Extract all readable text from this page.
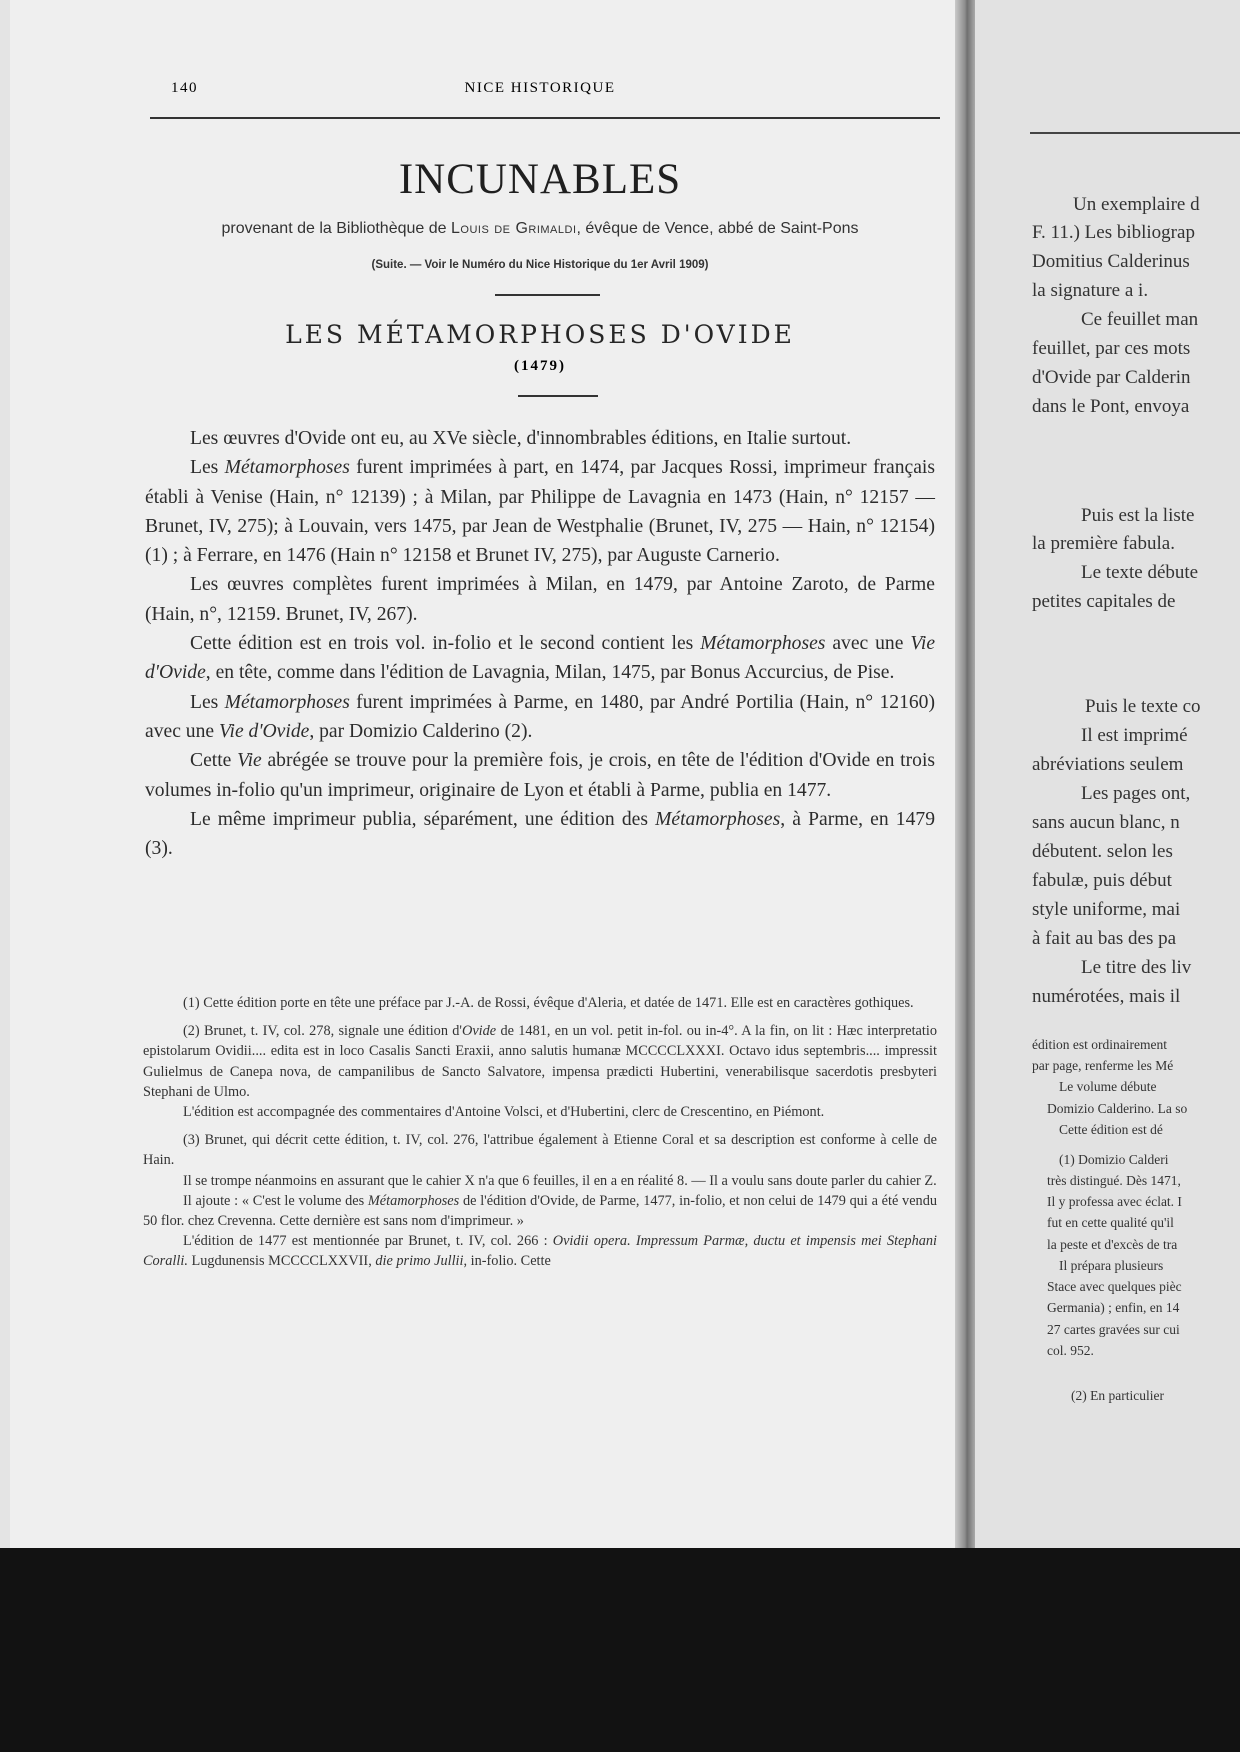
Un exemplaire d
F. 11.) Les bibliograp
Domitius Calderinus
la signature a i.
Ce feuillet man
feuillet, par ces mots
d'Ovide par Calderin
dans le Pont, envoya
Puis est la liste
la première fabula.
Le texte débute
petites capitales de
Puis le texte co
Il est imprimé
abréviations seulem
Les pages ont,
sans aucun blanc, n
débutent. selon les
fabulæ, puis début
style uniforme, mai
à fait au bas des pa
Le titre des liv
numérotées, mais il
édition est ordinairement
par page, renferme les Mé
Le volume débute
Domizio Calderino. La so
Cette édition est dé
(1) Domizio Calderi
très distingué. Dès 1471,
Il y professa avec éclat. I
fut en cette qualité qu'il
la peste et d'excès de tra
Il prépara plusieurs
Stace avec quelques pièc
Germania) ; enfin, en 14
27 cartes gravées sur cui
col. 952.
(2) En particulier
140	NICE HISTORIQUE
INCUNABLES
provenant de la Bibliothèque de Louis de Grimaldi, évêque de Vence, abbé de Saint-Pons
(Suite. — Voir le Numéro du Nice Historique du 1er Avril 1909)
LES MÉTAMORPHOSES D'OVIDE
(1479)

Les œuvres d'Ovide ont eu, au XVe siècle, d'innombrables éditions, en Italie surtout.

Les Métamorphoses furent imprimées à part, en 1474, par Jacques Rossi, imprimeur français établi à Venise (Hain, n° 12139) ; à Milan, par Philippe de Lavagnia en 1473 (Hain, n° 12157 — Brunet, IV, 275); à Louvain, vers 1475, par Jean de Westphalie (Brunet, IV, 275 — Hain, n° 12154) (1) ; à Ferrare, en 1476 (Hain n° 12158 et Brunet IV, 275), par Auguste Carnerio.

Les œuvres complètes furent imprimées à Milan, en 1479, par Antoine Zaroto, de Parme (Hain, n°, 12159. Brunet, IV, 267).

Cette édition est en trois vol. in-folio et le second contient les Métamorphoses avec une Vie d'Ovide, en tête, comme dans l'édition de Lavagnia, Milan, 1475, par Bonus Accurcius, de Pise.

Les Métamorphoses furent imprimées à Parme, en 1480, par André Portilia (Hain, n° 12160) avec une Vie d'Ovide, par Domizio Calderino (2).

Cette Vie abrégée se trouve pour la première fois, je crois, en tête de l'édition d'Ovide en trois volumes in-folio qu'un imprimeur, originaire de Lyon et établi à Parme, publia en 1477.

Le même imprimeur publia, séparément, une édition des Métamorphoses, à Parme, en 1479 (3).

(1) Cette édition porte en tête une préface par J.-A. de Rossi, évêque d'Aleria, et datée de 1471. Elle est en caractères gothiques.

(2) Brunet, t. IV, col. 278, signale une édition d'Ovide de 1481, en un vol. petit in-fol. ou in-4°. A la fin, on lit : Hæc interpretatio epistolarum Ovidii.... edita est in loco Casalis Sancti Eraxii, anno salutis humanæ MCCCCLXXXI. Octavo idus septembris.... impressit Gulielmus de Canepa nova, de campanilibus de Sancto Salvatore, impensa prædicti Hubertini, venerabilisque sacerdotis presbyteri Stephani de Ulmo.

L'édition est accompagnée des commentaires d'Antoine Volsci, et d'Hubertini, clerc de Crescentino, en Piémont.

(3) Brunet, qui décrit cette édition, t. IV, col. 276, l'attribue également à Etienne Coral et sa description est conforme à celle de Hain.

Il se trompe néanmoins en assurant que le cahier X n'a que 6 feuilles, il en a en réalité 8. — Il a voulu sans doute parler du cahier Z.

Il ajoute : « C'est le volume des Métamorphoses de l'édition d'Ovide, de Parme, 1477, in-folio, et non celui de 1479 qui a été vendu 50 flor. chez Crevenna. Cette dernière est sans nom d'imprimeur. »

L'édition de 1477 est mentionnée par Brunet, t. IV, col. 266 : Ovidii opera. Impressum Parmæ, ductu et impensis mei Stephani Coralli. Lugdunensis MCCCCLXXVII, die primo Jullii, in-folio. Cette
